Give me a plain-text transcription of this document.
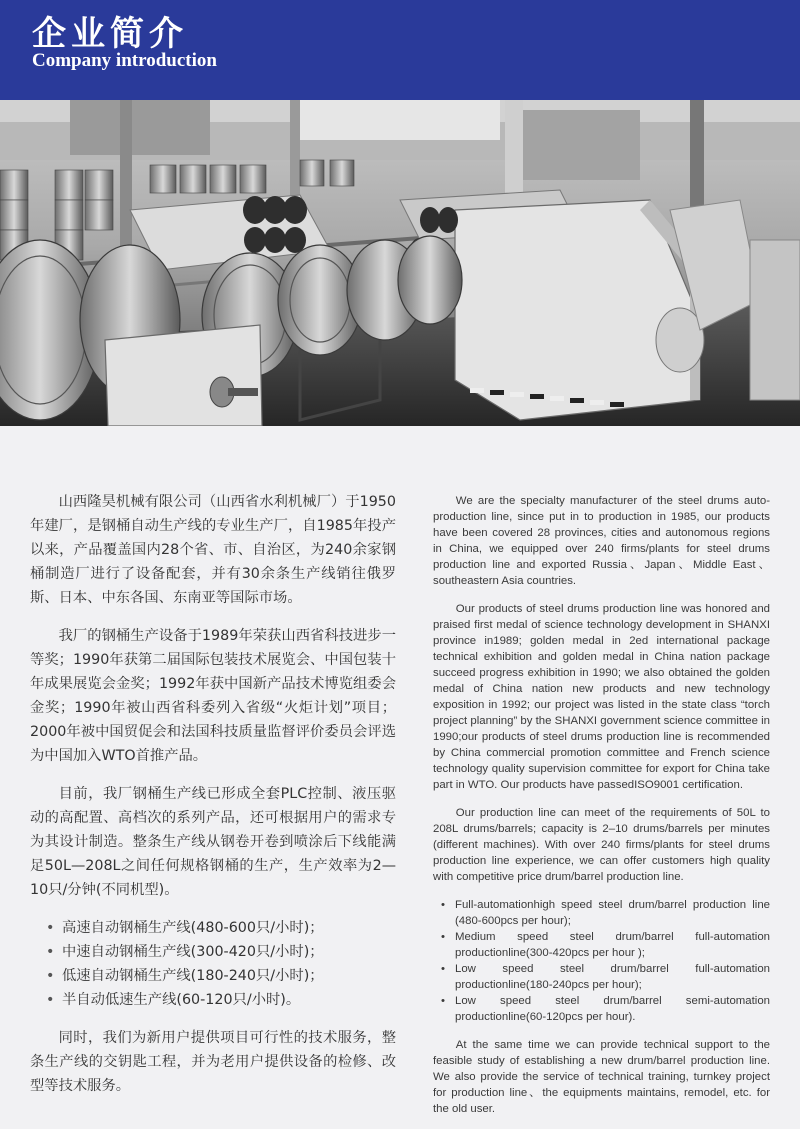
企业简介
Company introduction

山西隆昊机械有限公司（山西省水利机械厂）于1950年建厂，是钢桶自动生产线的专业生产厂，自1985年投产以来，产品覆盖国内28个省、市、自治区，为240余家钢桶制造厂进行了设备配套，并有30余条生产线销往俄罗斯、日本、中东各国、东南亚等国际市场。

我厂的钢桶生产设备于1989年荣获山西省科技进步一等奖；1990年获第二届国际包装技术展览会、中国包装十年成果展览会金奖；1992年获中国新产品技术博览组委会金奖；1990年被山西省科委列入省级“火炬计划”项目；2000年被中国贸促会和法国科技质量监督评价委员会评选为中国加入WTO首推产品。

目前，我厂钢桶生产线已形成全套PLC控制、液压驱动的高配置、高档次的系列产品，还可根据用户的需求专为其设计制造。整条生产线从钢卷开卷到喷涂后下线能满足50L—208L之间任何规格钢桶的生产，生产效率为2—10只/分钟(不同机型)。

• 高速自动钢桶生产线(480-600只/小时)；
• 中速自动钢桶生产线(300-420只/小时)；
• 低速自动钢桶生产线(180-240只/小时)；
• 半自动低速生产线(60-120只/小时)。

同时，我们为新用户提供项目可行性的技术服务，整条生产线的交钥匙工程，并为老用户提供设备的检修、改型等技术服务。

We are the specialty manufacturer of the steel drums auto-production line, since put in to production in 1985, our products have been covered 28 provinces, cities and autonomous regions in China, we equipped over 240 firms/plants for steel drums production line and exported Russia、Japan、Middle East、southeastern Asia countries.

Our products of steel drums production line was honored and praised first medal of science technology development in SHANXI province in1989; golden medal in 2ed international package technical exhibition and golden medal in China nation package succeed progress exhibition in 1990; we also obtained the golden medal of China nation new products and new technology exposition in 1992; our project was listed in the state class “torch project planning” by the SHANXI government science committee in 1990;our products of steel drums production line is recommended by China commercial promotion committee and French science technology quality supervision committee for export for China take part in WTO. Our products have passedISO9001 certification.

Our production line can meet of the requirements of 50L to 208L drums/barrels; capacity is 2–10 drums/barrels per minutes (different machines). With over 240 firms/plants for steel drums production line experience, we can offer customers high quality with competitive price drum/barrel production line.

• Full-automationhigh speed steel drum/barrel production line (480-600pcs per hour);
• Medium speed steel drum/barrel full-automation productionline(300-420pcs per hour );
• Low speed steel drum/barrel full-automation productionline(180-240pcs per hour);
• Low speed steel drum/barrel semi-automation productionline(60-120pcs per hour).

At the same time we can provide technical support to the feasible study of establishing a new drum/barrel production line. We also provide the service of technical training, turnkey project for production line、the equipments maintains, remodel, etc. for the old user.
